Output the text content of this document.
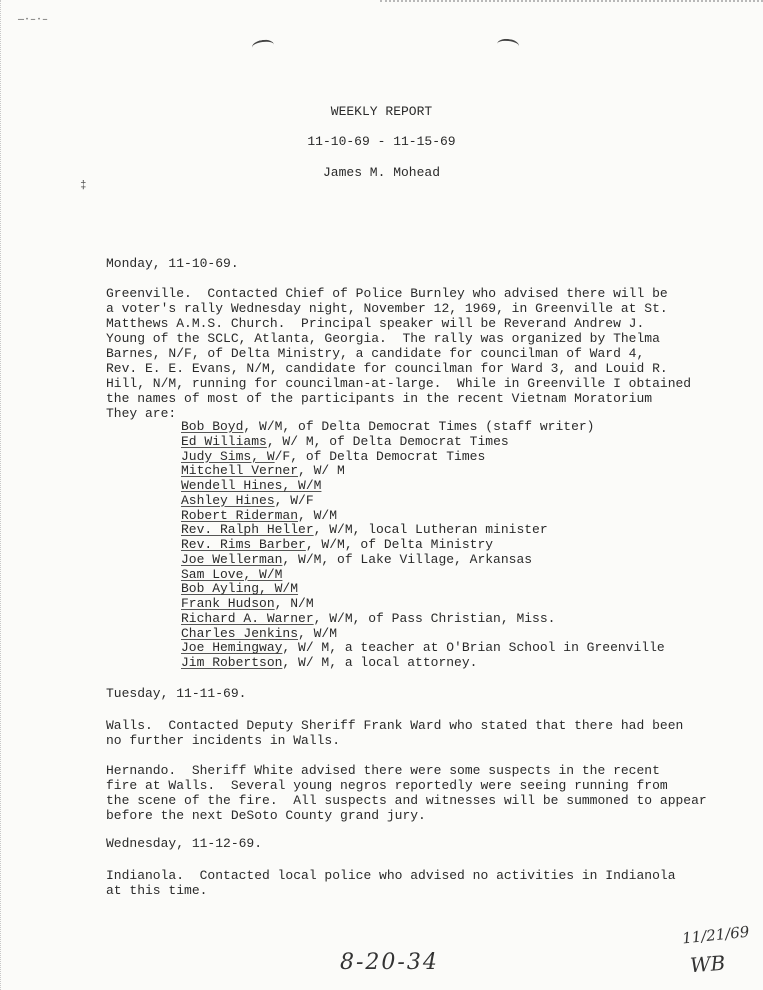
—⋅–⋅–
‡
WEEKLY REPORT
11-10-69 - 11-15-69
James M. Mohead
Monday, 11-10-69.
Greenville.  Contacted Chief of Police Burnley who advised there will be
a voter's rally Wednesday night, November 12, 1969, in Greenville at St.
Matthews A.M.S. Church.  Principal speaker will be Reverand Andrew J.
Young of the SCLC, Atlanta, Georgia.  The rally was organized by Thelma
Barnes, N/F, of Delta Ministry, a candidate for councilman of Ward 4,
Rev. E. E. Evans, N/M, candidate for councilman for Ward 3, and Louid R.
Hill, N/M, running for councilman-at-large.  While in Greenville I obtained
the names of most of the participants in the recent Vietnam Moratorium
They are:
Bob Boyd, W/M, of Delta Democrat Times (staff writer)
Ed Williams, W/ M, of Delta Democrat Times
Judy Sims, W/F, of Delta Democrat Times
Mitchell Verner, W/ M
Wendell Hines, W/M
Ashley Hines, W/F
Robert Riderman, W/M
Rev. Ralph Heller, W/M, local Lutheran minister
Rev. Rims Barber, W/M, of Delta Ministry
Joe Wellerman, W/M, of Lake Village, Arkansas
Sam Love, W/M
Bob Ayling, W/M
Frank Hudson, N/M
Richard A. Warner, W/M, of Pass Christian, Miss.
Charles Jenkins, W/M
Joe Hemingway, W/ M, a teacher at O'Brian School in Greenville
Jim Robertson, W/ M, a local attorney.
Tuesday, 11-11-69.
Walls.  Contacted Deputy Sheriff Frank Ward who stated that there had been
no further incidents in Walls.
Hernando.  Sheriff White advised there were some suspects in the recent
fire at Walls.  Several young negros reportedly were seeing running from
the scene of the fire.  All suspects and witnesses will be summoned to appear
before the next DeSoto County grand jury.
Wednesday, 11-12-69.
Indianola.  Contacted local police who advised no activities in Indianola
at this time.
8-20-34
11/21/69
WB
